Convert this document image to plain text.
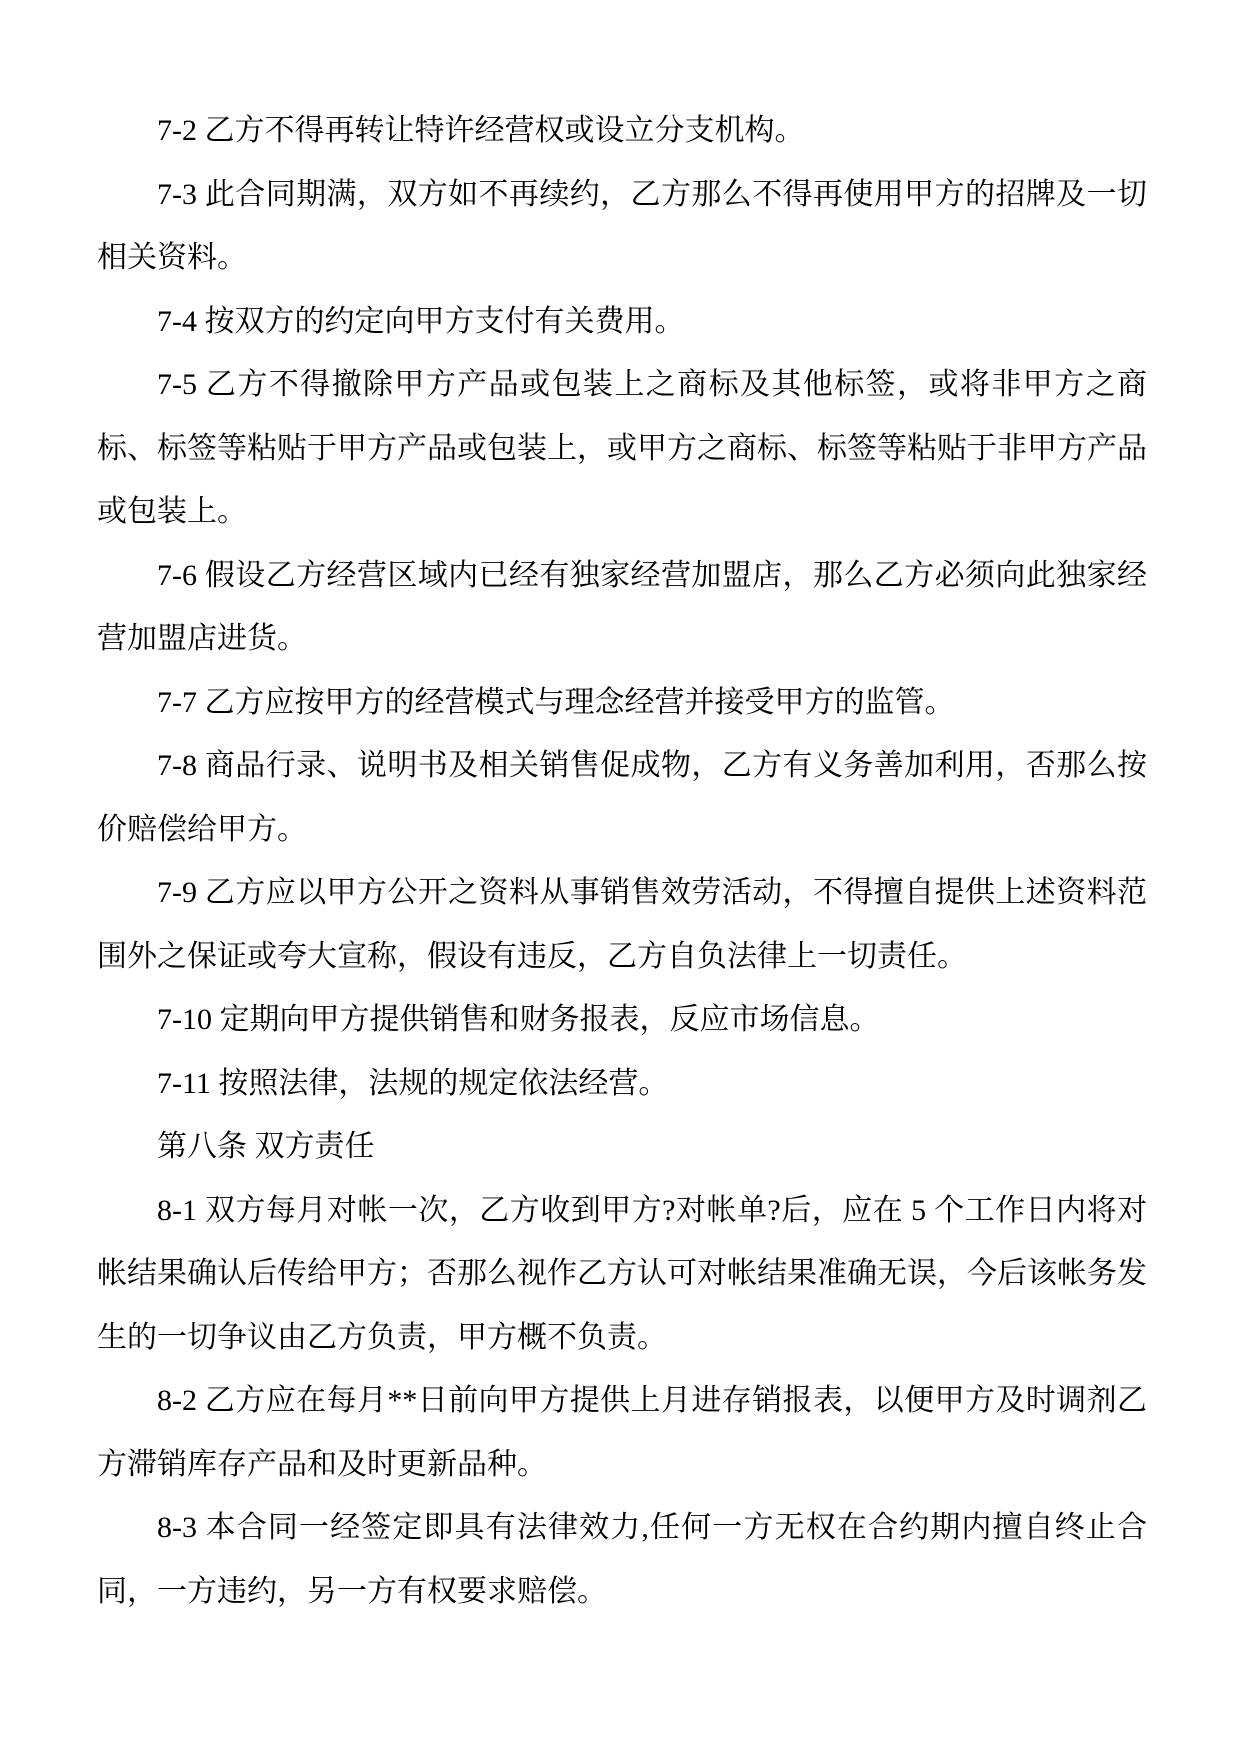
7-2 乙方不得再转让特许经营权或设立分支机构。

7-3 此合同期满，双方如不再续约，乙方那么不得再使用甲方的招牌及一切相关资料。

7-4 按双方的约定向甲方支付有关费用。

7-5 乙方不得撤除甲方产品或包装上之商标及其他标签，或将非甲方之商标、标签等粘贴于甲方产品或包装上，或甲方之商标、标签等粘贴于非甲方产品或包装上。

7-6 假设乙方经营区域内已经有独家经营加盟店，那么乙方必须向此独家经营加盟店进货。

7-7 乙方应按甲方的经营模式与理念经营并接受甲方的监管。

7-8 商品行录、说明书及相关销售促成物，乙方有义务善加利用，否那么按价赔偿给甲方。

7-9 乙方应以甲方公开之资料从事销售效劳活动，不得擅自提供上述资料范围外之保证或夸大宣称，假设有违反，乙方自负法律上一切责任。

7-10 定期向甲方提供销售和财务报表，反应市场信息。

7-11 按照法律，法规的规定依法经营。

第八条 双方责任

8-1 双方每月对帐一次，乙方收到甲方?对帐单?后，应在 5 个工作日内将对帐结果确认后传给甲方；否那么视作乙方认可对帐结果准确无误，今后该帐务发生的一切争议由乙方负责，甲方概不负责。

8-2 乙方应在每月**日前向甲方提供上月进存销报表，以便甲方及时调剂乙方滞销库存产品和及时更新品种。

8-3 本合同一经签定即具有法律效力,任何一方无权在合约期内擅自终止合同，一方违约，另一方有权要求赔偿。
